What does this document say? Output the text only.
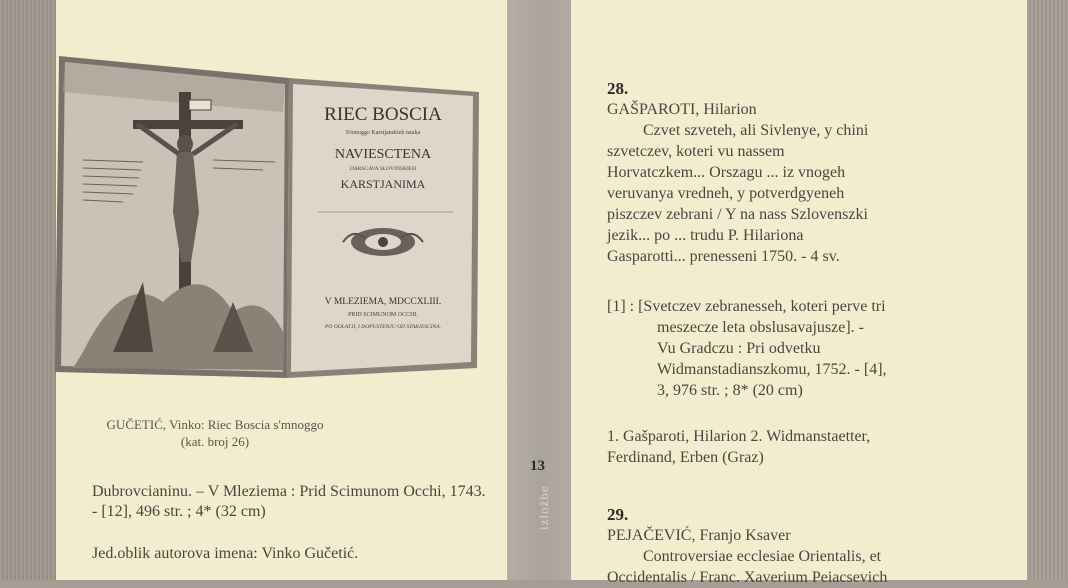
RIEC BOSCIA
S'mnoggo Karstjanskieh nauka
NAVIESCTENA
DARSCAVA SLOVINSKIEH
KARSTJANIMA
V MLEZIEMA, MDCCXLIII.
PRID SCIMUNOM OCCHI.
PO ODLATJI, I DOPUSTENJU OD STARJESCINA.
GUČETIĆ, Vinko: Riec Boscia s'mnoggo
(kat. broj 26)
Dubrovcianinu. – V Mleziema : Prid Scimunom Occhi, 1743. - [12], 496 str. ; 4* (32 cm)
Jed.oblik autorova imena: Vinko Gučetić.
13
izložbe
28.
GAŠPAROTI, Hilarion
Czvet szveteh, ali Sivlenye, y chini
szvetczev, koteri vu nassem
Horvatczkem... Orszagu ... iz vnogeh
veruvanya vredneh, y potverdgyeneh
piszczev zebrani / Y na nass Szlovenszki
jezik... po ... trudu P. Hilariona
Gasparotti... prenesseni 1750. - 4 sv.
[1] : [Svetczev zebranesseh, koteri perve tri
meszecze leta obslusavajusze]. -
Vu Gradczu : Pri odvetku
Widmanstadianszkomu, 1752. - [4],
3, 976 str. ; 8* (20 cm)
1. Gašparoti, Hilarion 2. Widmanstaetter,
Ferdinand, Erben (Graz)
29.
PEJAČEVIĆ, Franjo Ksaver
Controversiae ecclesiae Orientalis, et
Occidentalis / Franc. Xaverium Peiacsevich
